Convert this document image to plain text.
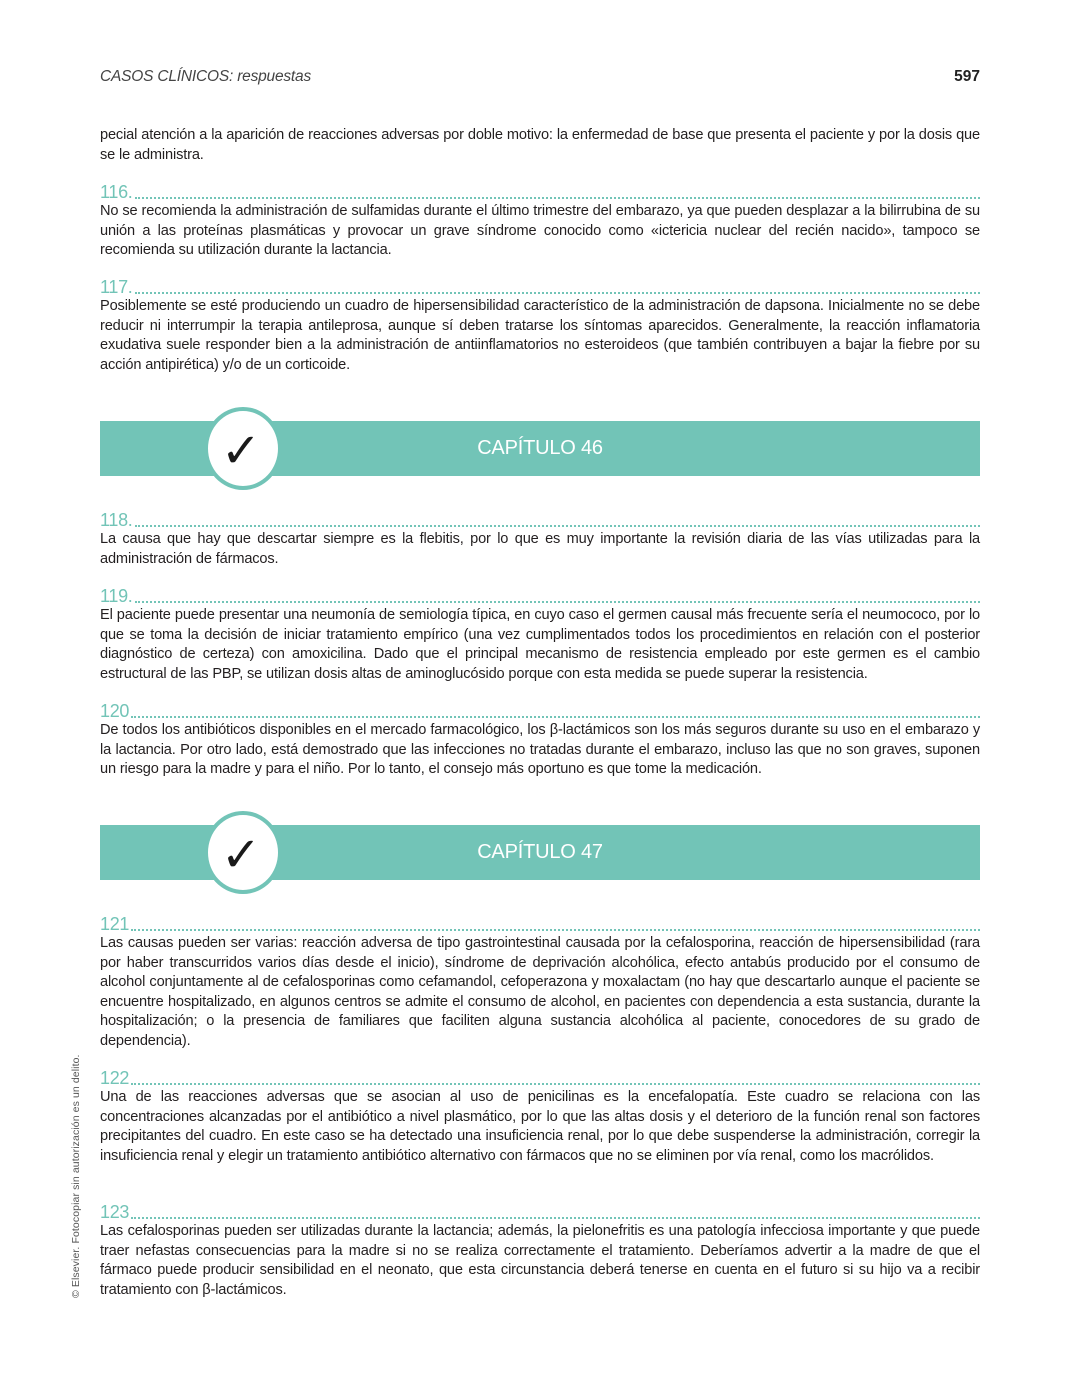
CASOS CLÍNICOS: respuestas	597

pecial atención a la aparición de reacciones adversas por doble motivo: la enfermedad de base que presenta el paciente y por la dosis que se le administra.

116.

No se recomienda la administración de sulfamidas durante el último trimestre del embarazo, ya que pueden desplazar a la bilirrubina de su unión a las proteínas plasmáticas y provocar un grave síndrome conocido como «ictericia nuclear del recién nacido», tampoco se recomienda su utilización durante la lactancia.

117.

Posiblemente se esté produciendo un cuadro de hipersensibilidad característico de la administración de dapsona. Inicialmente no se debe reducir ni interrumpir la terapia antileprosa, aunque sí deben tratarse los síntomas aparecidos. Generalmente, la reacción inflamatoria exudativa suele responder bien a la administración de antiinflamatorios no esteroideos (que también contribuyen a bajar la fiebre por su acción antipirética) y/o de un corticoide.

✓	CAPÍTULO 46
118.

La causa que hay que descartar siempre es la flebitis, por lo que es muy importante la revisión diaria de las vías utilizadas para la administración de fármacos.

119.

El paciente puede presentar una neumonía de semiología típica, en cuyo caso el germen causal más frecuente sería el neumococo, por lo que se toma la decisión de iniciar tratamiento empírico (una vez cumplimentados todos los procedimientos en relación con el posterior diagnóstico de certeza) con amoxicilina. Dado que el principal mecanismo de resistencia empleado por este germen es el cambio estructural de las PBP, se utilizan dosis altas de aminoglucósido porque con esta medida se puede superar la resistencia.

120

De todos los antibióticos disponibles en el mercado farmacológico, los β-lactámicos son los más seguros durante su uso en el embarazo y la lactancia. Por otro lado, está demostrado que las infecciones no tratadas durante el embarazo, incluso las que no son graves, suponen un riesgo para la madre y para el niño. Por lo tanto, el consejo más oportuno es que tome la medicación.

✓	CAPÍTULO 47
121

Las causas pueden ser varias: reacción adversa de tipo gastrointestinal causada por la cefalosporina, reacción de hipersensibilidad (rara por haber transcurridos varios días desde el inicio), síndrome de deprivación alcohólica, efecto antabús producido por el consumo de alcohol conjuntamente al de cefalosporinas como cefamandol, cefoperazona y moxalactam (no hay que descartarlo aunque el paciente se encuentre hospitalizado, en algunos centros se admite el consumo de alcohol, en pacientes con dependencia a esta sustancia, durante la hospitalización; o la presencia de familiares que faciliten alguna sustancia alcohólica al paciente, conocedores de su grado de dependencia).

122

Una de las reacciones adversas que se asocian al uso de penicilinas es la encefalopatía. Este cuadro se relaciona con las concentraciones alcanzadas por el antibiótico a nivel plasmático, por lo que las altas dosis y el deterioro de la función renal son factores precipitantes del cuadro. En este caso se ha detectado una insuficiencia renal, por lo que debe suspenderse la administración, corregir la insuficiencia renal y elegir un tratamiento antibiótico alternativo con fármacos que no se eliminen por vía renal, como los macrólidos.

123

Las cefalosporinas pueden ser utilizadas durante la lactancia; además, la pielonefritis es una patología infecciosa importante y que puede traer nefastas consecuencias para la madre si no se realiza correctamente el tratamiento. Deberíamos advertir a la madre de que el fármaco puede producir sensibilidad en el neonato, que esta circunstancia deberá tenerse en cuenta en el futuro si su hijo va a recibir tratamiento con β-lactámicos.

© Elsevier. Fotocopiar sin autorización es un delito.
